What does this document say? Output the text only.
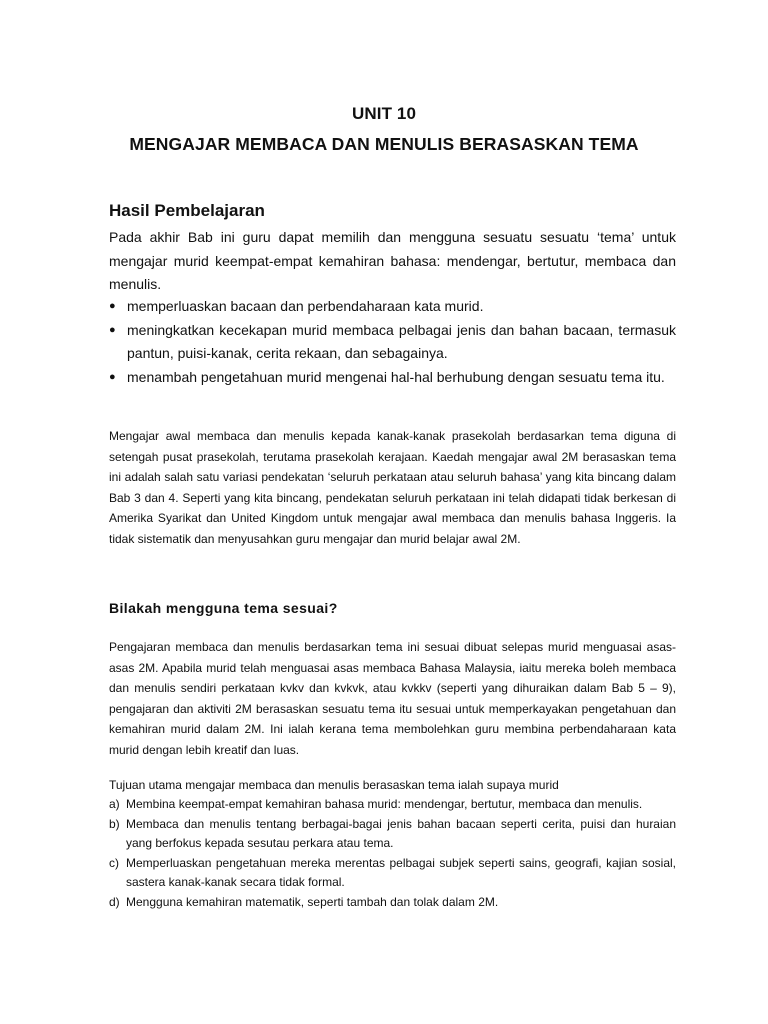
UNIT 10
MENGAJAR MEMBACA DAN MENULIS BERASASKAN TEMA
Hasil Pembelajaran
Pada akhir Bab ini guru dapat memilih dan mengguna sesuatu sesuatu ‘tema’ untuk mengajar murid keempat-empat kemahiran bahasa: mendengar, bertutur, membaca dan menulis.
● memperluaskan bacaan dan perbendaharaan kata murid.
● meningkatkan kecekapan murid membaca pelbagai jenis dan bahan bacaan, termasuk pantun, puisi-kanak, cerita rekaan, dan sebagainya.
● menambah pengetahuan murid mengenai hal-hal berhubung dengan sesuatu tema itu.
Mengajar awal membaca dan menulis kepada kanak-kanak prasekolah berdasarkan tema diguna di setengah pusat prasekolah, terutama prasekolah kerajaan. Kaedah mengajar awal 2M berasaskan tema ini adalah salah satu variasi pendekatan ‘seluruh perkataan atau seluruh bahasa’ yang kita bincang dalam Bab 3 dan 4. Seperti yang kita bincang, pendekatan seluruh perkataan ini telah didapati tidak berkesan di Amerika Syarikat dan United Kingdom untuk mengajar awal membaca dan menulis bahasa Inggeris. Ia tidak sistematik dan menyusahkan guru mengajar dan murid belajar awal 2M.
Bilakah mengguna tema sesuai?
Pengajaran membaca dan menulis berdasarkan tema ini sesuai dibuat selepas murid menguasai asas-asas 2M. Apabila murid telah menguasai asas membaca Bahasa Malaysia, iaitu mereka boleh membaca dan menulis sendiri perkataan kvkv dan kvkvk, atau kvkkv (seperti yang dihuraikan dalam Bab 5 – 9), pengajaran dan aktiviti 2M berasaskan sesuatu tema itu sesuai untuk memperkayakan pengetahuan dan kemahiran murid dalam 2M. Ini ialah kerana tema membolehkan guru membina perbendaharaan kata murid dengan lebih kreatif dan luas.
Tujuan utama mengajar membaca dan menulis berasaskan tema ialah supaya murid
a) Membina keempat-empat kemahiran bahasa murid: mendengar, bertutur, membaca dan menulis.
b) Membaca dan menulis tentang berbagai-bagai jenis bahan bacaan seperti cerita, puisi dan huraian yang berfokus kepada sesutau perkara atau tema.
c) Memperluaskan pengetahuan mereka merentas pelbagai subjek seperti sains, geografi, kajian sosial, sastera kanak-kanak secara tidak formal.
d) Mengguna kemahiran matematik, seperti tambah dan tolak dalam 2M.
